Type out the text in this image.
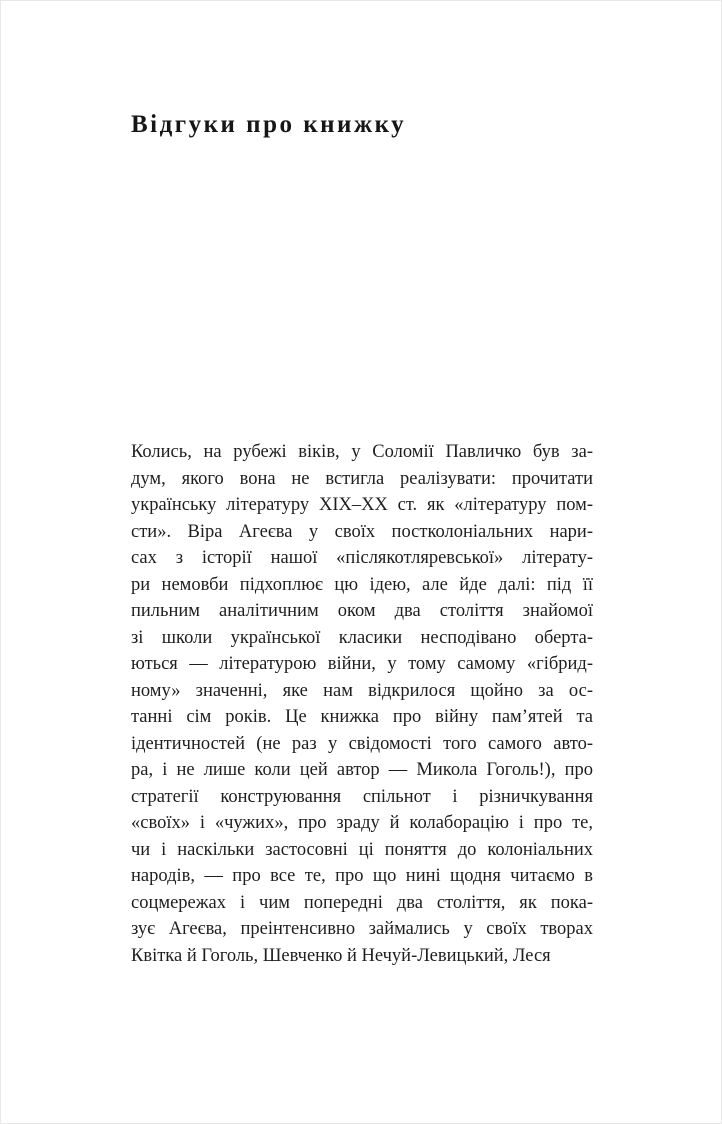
Відгуки про книжку
Колись, на рубежі віків, у Соломії Павличко був за-
дум, якого вона не встигла реалізувати: прочитати
українську літературу XIX–XX ст. як «літературу пом-
сти». Віра Агеєва у своїх постколоніальних нари-
сах з історії нашої «післякотляревської» літерату-
ри немовби підхоплює цю ідею, але йде далі: під її
пильним аналітичним оком два століття знайомої
зі школи української класики несподівано оберта-
ються — літературою війни, у тому самому «гібрид-
ному» значенні, яке нам відкрилося щойно за ос-
танні сім років. Це книжка про війну пам’ятей та
ідентичностей (не раз у свідомості того самого авто-
ра, і не лише коли цей автор — Микола Гоголь!), про
стратегії конструювання спільнот і різничкування
«своїх» і «чужих», про зраду й колаборацію і про те,
чи і наскільки застосовні ці поняття до колоніальних
народів, — про все те, про що нині щодня читаємо в
соцмережах і чим попередні два століття, як пока-
зує Агеєва, преінтенсивно займались у своїх творах
Квітка й Гоголь, Шевченко й Нечуй-Левицький, Леся
